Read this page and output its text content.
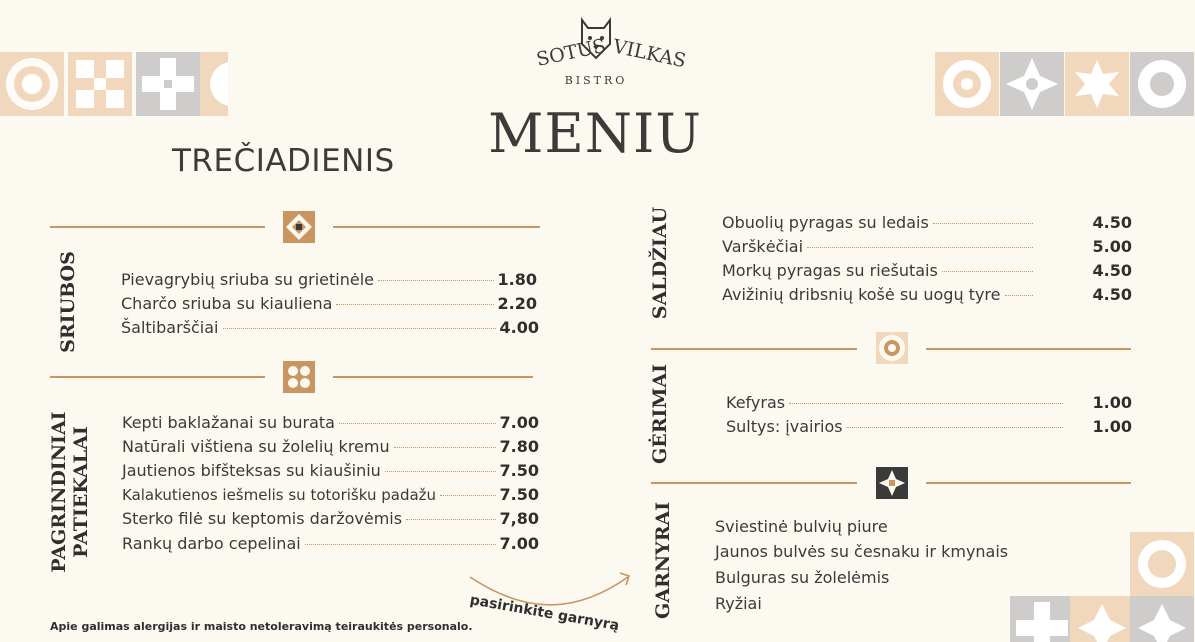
SOTUS VILKAS
BISTRO
MENIU
TREČIADIENIS
SRIUBOS	Pievagrybių sriuba su grietinėle	1.80
Charčo sriuba su kiauliena	2.20
Šaltibarščiai	4.00
PAGRINDINIAI PATIEKALAI
Kepti baklažanai su burata	7.00
Natūrali vištiena su žolelių kremu	7.80
Jautienos bifšteksas su kiaušiniu	7.50
Kalakutienos iešmelis su totorišku padažu	7.50
Sterko filė su keptomis daržovėmis	7,80
Rankų darbo cepelinai	7.00
SALDŽIAU	Obuolių pyragas su ledais	4.50
Varškėčiai	5.00
Morkų pyragas su riešutais	4.50
Avižinių dribsnių košė su uogų tyre	4.50
GĖRIMAI	Kefyras	1.00
Sultys: įvairios	1.00
GARNYRAI	Sviestinė bulvių piure
Jaunos bulvės su česnaku ir kmynais
Bulguras su žolelėmis
Ryžiai
pasirinkite garnyrą
Apie galimas alergijas ir maisto netoleravimą teiraukitės personalo.
